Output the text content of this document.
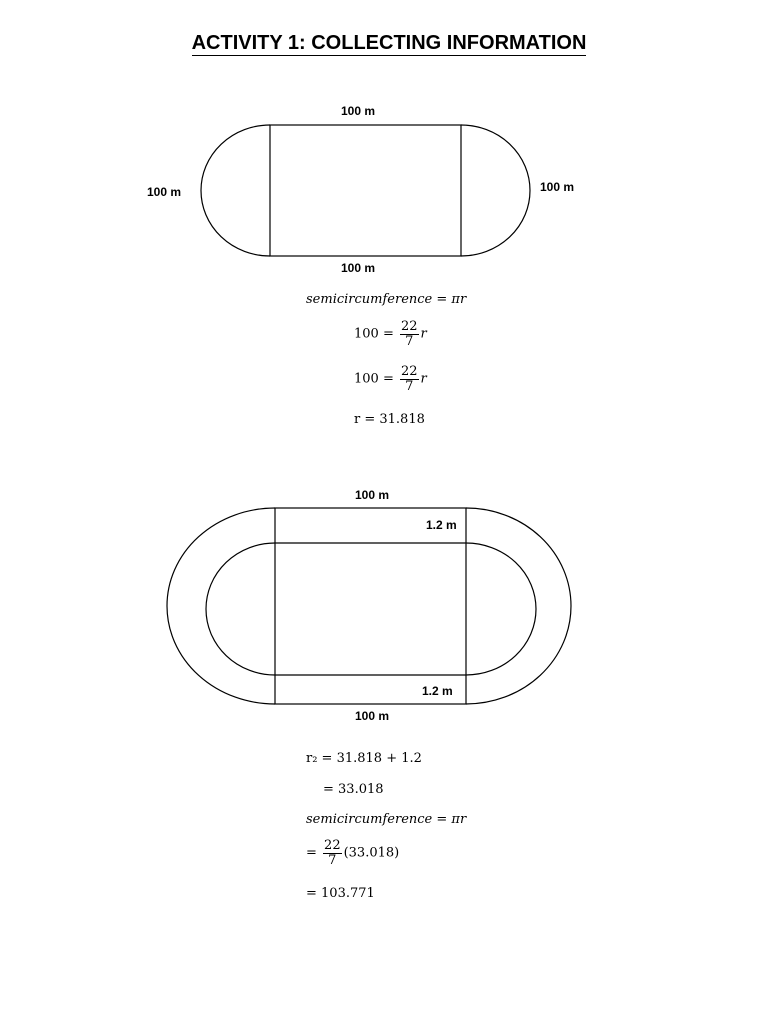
ACTIVITY 1: COLLECTING INFORMATION
100 m
100 m	100 m
100 m
semicircumference = πr
$100 = \frac{22}{7}$ r
$100 = \frac{22}{7}$ r
r = 31.818
100 m
1.2 m
1.2 m
100 m
r₂ = 31.818 + 1.2
= 33.018
semicircumference = πr
= $\frac{22}{7} (33.018)$
= 103.771
